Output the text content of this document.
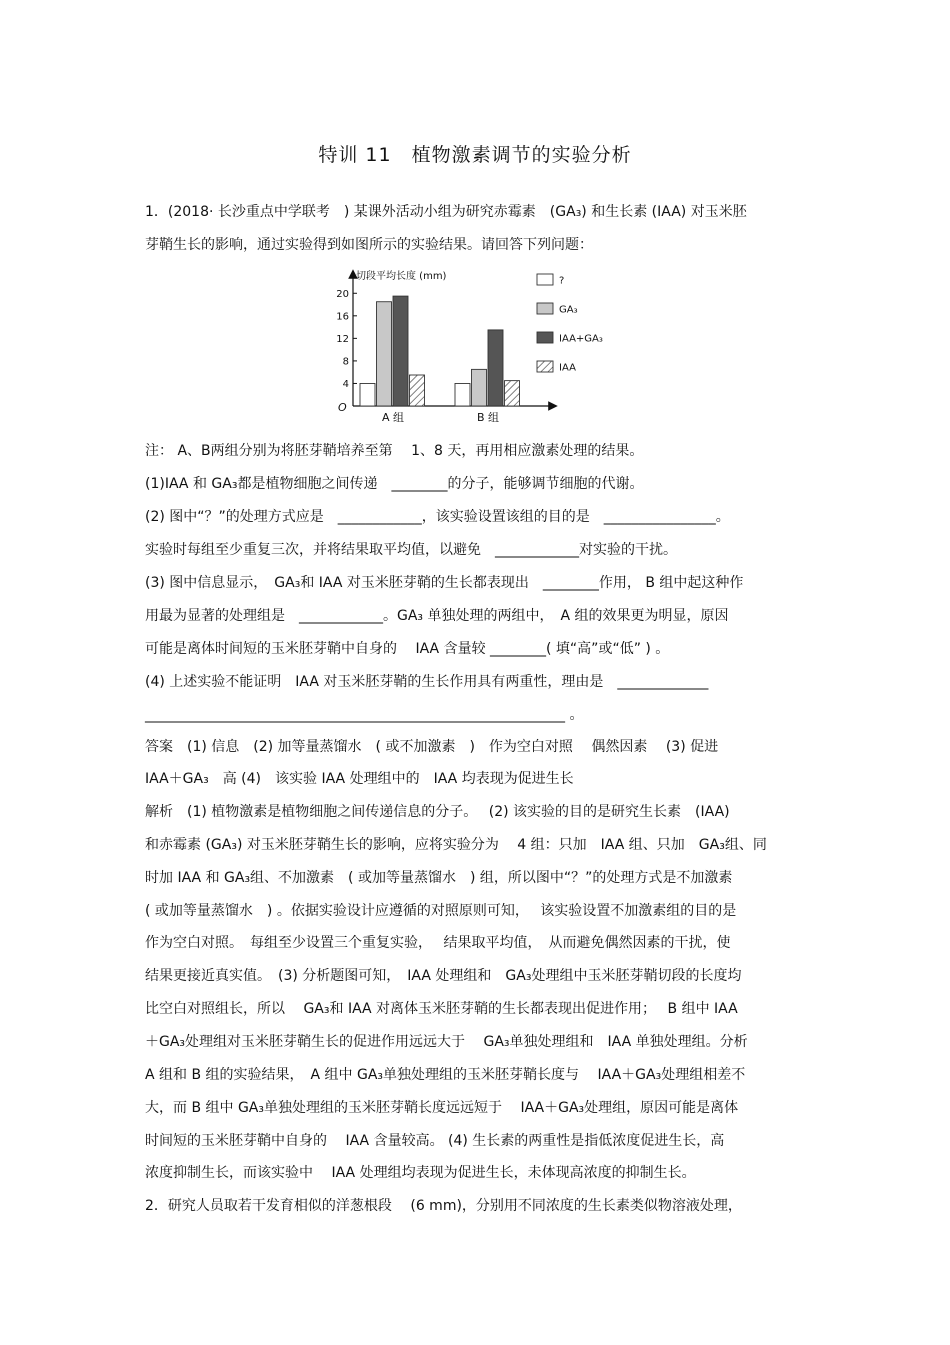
特训 11　植物激素调节的实验分析

1．(2018· 长沙重点中学联考　) 某课外活动小组为研究赤霉素　(GA₃) 和生长素 (IAA) 对玉米胚

芽鞘生长的影响，通过实验得到如图所示的实验结果。请回答下列问题：

切段平均长度 (mm)
O
4
8
12
16
20
A 组	B 组
?
GA₃
IAA+GA₃
IAA

注： A、B两组分别为将胚芽鞘培养至第　 1、8 天，再用相应激素处理的结果。

(1)IAA 和 GA₃都是植物细胞之间传递　________的分子，能够调节细胞的代谢。

(2) 图中“？”的处理方式应是　____________，该实验设置该组的目的是　________________。

实验时每组至少重复三次，并将结果取平均值，以避免　____________对实验的干扰。

(3) 图中信息显示，　GA₃和 IAA 对玉米胚芽鞘的生长都表现出　________作用， B 组中起这种作

用最为显著的处理组是　____________。GA₃ 单独处理的两组中，　A 组的效果更为明显，原因

可能是离体时间短的玉米胚芽鞘中自身的　 IAA 含量较 ________( 填“高”或“低” ) 。

(4) 上述实验不能证明　IAA 对玉米胚芽鞘的生长作用具有两重性，理由是　_____________

____________________________________________________________ 。

答案　(1) 信息　(2) 加等量蒸馏水　( 或不加激素　)　作为空白对照　 偶然因素　 (3) 促进

IAA＋GA₃　高 (4)　该实验 IAA 处理组中的　IAA 均表现为促进生长

解析　(1) 植物激素是植物细胞之间传递信息的分子。　 (2) 该实验的目的是研究生长素　(IAA)

和赤霉素 (GA₃) 对玉米胚芽鞘生长的影响，应将实验分为　 4 组：只加　IAA 组、只加　GA₃组、同

时加 IAA 和 GA₃组、不加激素　( 或加等量蒸馏水　) 组，所以图中“？”的处理方式是不加激素

( 或加等量蒸馏水　) 。依据实验设计应遵循的对照原则可知，　 该实验设置不加激素组的目的是

作为空白对照。　每组至少设置三个重复实验，　 结果取平均值，　从而避免偶然因素的干扰，使

结果更接近真实值。　(3) 分析题图可知，　IAA 处理组和　GA₃处理组中玉米胚芽鞘切段的长度均

比空白对照组长，所以　 GA₃和 IAA 对离体玉米胚芽鞘的生长都表现出促进作用；　 B 组中 IAA

＋GA₃处理组对玉米胚芽鞘生长的促进作用远远大于　 GA₃单独处理组和　IAA 单独处理组。分析

A 组和 B 组的实验结果，　A 组中 GA₃单独处理组的玉米胚芽鞘长度与　 IAA＋GA₃处理组相差不

大，而 B 组中 GA₃单独处理组的玉米胚芽鞘长度远远短于　 IAA＋GA₃处理组，原因可能是离体

时间短的玉米胚芽鞘中自身的　 IAA 含量较高。 (4) 生长素的两重性是指低浓度促进生长，高

浓度抑制生长，而该实验中　 IAA 处理组均表现为促进生长，未体现高浓度的抑制生长。

2．研究人员取若干发育相似的洋葱根段　 (6 mm)，分别用不同浓度的生长素类似物溶液处理，
